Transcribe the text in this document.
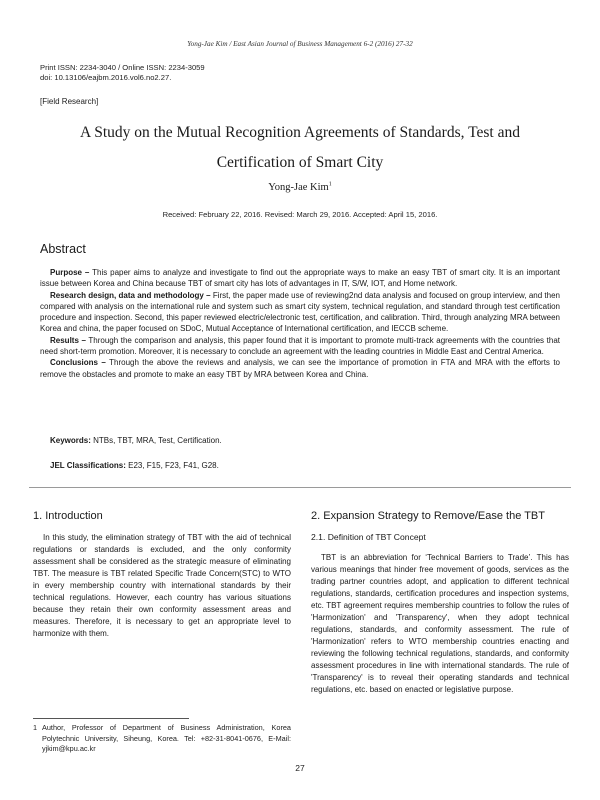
Yong-Jae Kim / East Asian Journal of Business Management 6-2 (2016) 27-32
Print ISSN: 2234-3040 / Online ISSN: 2234-3059
doi: 10.13106/eajbm.2016.vol6.no2.27.
[Field Research]
A Study on the Mutual Recognition Agreements of Standards, Test and
Certification of Smart City
Yong-Jae Kim$^1$
Received: February 22, 2016. Revised: March 29, 2016. Accepted: April 15, 2016.
Abstract

Purpose – This paper aims to analyze and investigate to find out the appropriate ways to make an easy TBT of smart city. It is an important issue between Korea and China because TBT of smart city has lots of advantages in IT, S/W, IOT, and Home network.

Research design, data and methodology – First, the paper made use of reviewing2nd data analysis and focused on group interview, and then compared with analysis on the international rule and system such as smart city system, technical regulation, and standard through test certification procedure and inspection. Second, this paper reviewed electric/electronic test, certification, and calibration. Third, through analyzing MRA between Korea and china, the paper focused on SDoC, Mutual Acceptance of International certification, and IECCB scheme.

Results – Through the comparison and analysis, this paper found that it is important to promote multi-track agreements with the countries that need short-term promotion. Moreover, it is necessary to conclude an agreement with the leading countries in Middle East and Central America.

Conclusions – Through the above the reviews and analysis, we can see the importance of promotion in FTA and MRA with the efforts to remove the obstacles and promote to make an easy TBT by MRA between Korea and China.

Keywords: NTBs, TBT, MRA, Test, Certification.
JEL Classifications: E23, F15, F23, F41, G28.
1. Introduction

In this study, the elimination strategy of TBT with the aid of technical regulations or standards is excluded, and the only conformity assessment shall be considered as the strategic measure of eliminating TBT. The measure is TBT related Specific Trade Concern(STC) to WTO in every membership country with international standards by their technical regulations. However, each country has various situations because they retain their own conformity assessment areas and measures. Therefore, it is necessary to get an appropriate level to harmonize with them.

2. Expansion Strategy to Remove/Ease the TBT
2.1. Definition of TBT Concept

TBT is an abbreviation for ‘Technical Barriers to Trade’. This has various meanings that hinder free movement of goods, services as the trading partner countries adopt, and application to different technical regulations, standards, certification procedures and inspection systems, etc. TBT agreement requires membership countries to follow the rules of 'Harmonization' and 'Transparency', when they adopt technical regulations, standards, and conformity assessment. The rule of 'Harmonization' refers to WTO membership countries enacting and reviewing the following technical regulations, standards, and conformity assessment procedures in line with international standards. The rule of 'Transparency' is to reveal their operating standards and technical regulations, etc. based on enacted or legislative purpose.

1 Author, Professor of Department of Business Administration, Korea Polytechnic University, Siheung, Korea. Tel: +82-31-8041-0676, E-Mail: yjkim@kpu.ac.kr
27
